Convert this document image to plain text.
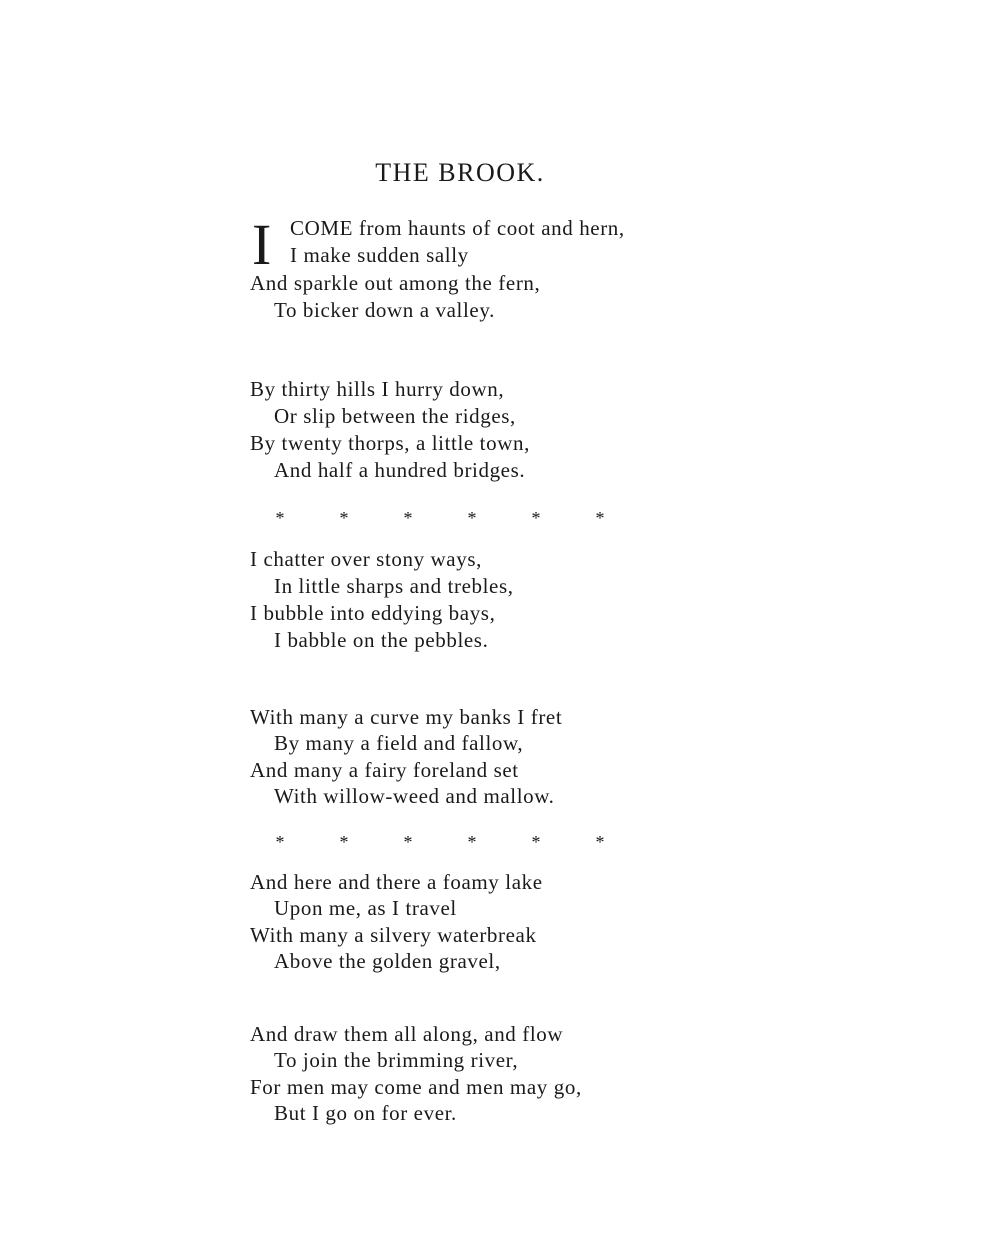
THE BROOK.
I COME from haunts of coot and hern,
I make sudden sally
And sparkle out among the fern,
To bicker down a valley.
By thirty hills I hurry down,
Or slip between the ridges,
By twenty thorps, a little town,
And half a hundred bridges.
*	*	*	*	*	*
I chatter over stony ways,
In little sharps and trebles,
I bubble into eddying bays,
I babble on the pebbles.
With many a curve my banks I fret
By many a field and fallow,
And many a fairy foreland set
With willow-weed and mallow.
*	*	*	*	*	*
And here and there a foamy lake
Upon me, as I travel
With many a silvery waterbreak
Above the golden gravel,
And draw them all along, and flow
To join the brimming river,
For men may come and men may go,
But I go on for ever.
